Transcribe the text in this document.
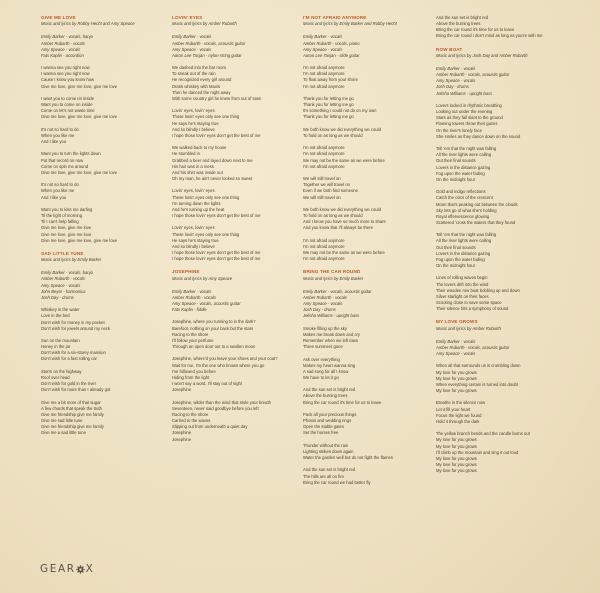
GIVE ME LOVE
Music and lyrics by Robby Hecht and Amy Speace
Emily Barker - vocals, banjo
Amber Rubarth - vocals
Amy Speace - vocals
Fats Kaplin - accordion
I wanna see you right now
I wanna see you right now
Cause I know you know how
Give me love, give me love, give me love
I want you to come on inside
Want you to come on inside
Come on let's not waste time
Give me love, give me love, give me love
It's not so hard to do
When you like me
And I like you
Want you to turn the lights down
Put that record on now
Come on spin me around
Give me love, give me love, give me love
It's not so hard to do
When you like me
And I like you
Want you to kiss me darling
Til the light of morning
Til I can't help falling
Give me love, give me love
Give me love, give me love
Give me love, give me love, give me love
SAD LITTLE TUNE
Music and lyrics by Emily Barker
Emily Barker - vocals, banjo
Amber Rubarth - vocals
Amy Speace - vocals
John Beyer - harmonica
Josh Day - drums
Whiskey in the water
Love in the bed
Don't wish for money in my pocket
Don't wish for jewels around my neck
Sun on the mountain
Honey in the jar
Don't wish for a six-storey mansion
Don't wish for a fast rolling car
Storm on the highway
Roof over head
Don't wish for gold in the river
Don't wish for more than I already got
Give me a bit more of that sugar
A few chords that speak the truth
Give me friendship give me family
Give me sad little tune
Give me friendship give me family
Give me a sad little tune
LOVIN' EYES
Music and lyrics by Amber Rubarth
Emily Barker - vocals
Amber Rubarth - vocals, acoustic guitar
Amy Speace - vocals
Aaron Lee Tasjan - nylon-string guitar
We dashed into the bar room
To sneak out of the rain
He recognized every girl around
Drank whiskey with Mavis
Then he danced the night away
With some country girl he knew from out of town
Lovin' eyes, lovin' eyes
Those lovin' eyes only see one thing
He says he's staying true
And so blindly I believe
I hope those lovin' eyes don't get the best of me
We walked back to my house
He stumbled in
Grabbed a beer and layed down next to me
His hair was in a mess
And his shirt was inside out
Oh my man, he ain't never looked so sweet
Lovin' eyes, lovin' eyes
These lovin' eyes only see one thing
I'm turning down the lights
And he's turning up the heat
I hope those lovin' eyes don't get the best of me
Lovin' eyes, lovin' eyes
These lovin' eyes only see one thing
He says he's staying true
And so blindly I believe
I hope those lovin' eyes don't get the best of me
I hope those lovin' eyes don't get the best of me
JOSEPHINE
Music and lyrics by Amy Speace
Emily Barker - vocals
Amber Rubarth - vocals
Amy Speace - vocals, acoustic guitar
Fats Kaplin - fiddle
Josephine, where you running to in the dark?
Barefoot, nothing on your back but the stars
Racing to the shore
I'll follow your perfume
Through an open door out to a swollen moon
Josephine, where'd you leave your shoes and your coat?
Wait for me, I'm the one who knows where you go
I've followed you before
Hiding from the light
I won't say a word, I'll stay out of sight
Josephine
Josephine, wilder than the wind that stole your breath
Seventeen, never said goodbye before you left
Racing to the shore
Carried to the waves
Slipping out from underneath a quiet day
Josephine
Josephine
I'M NOT AFRAID ANYMORE
Music and lyrics by Emily Barker and Robby Hecht
Emily Barker - vocals
Amber Rubarth - vocals, piano
Amy Speace - vocals
Aaron Lee Tasjan - slide guitar
I'm not afraid anymore
I'm not afraid anymore
To float away from your shore
I'm not afraid anymore
Thank you for letting me go
Thank you for letting me go
It's something I could not do on my own
Thank you for letting me go
We both know we did everything we could
To hold on as long as we should
I'm not afraid anymore
I'm not afraid anymore
We may not be the same as we were before
I'm not afraid anymore
We will still travel on
Together we will travel on
Even if we both find someone
We will still travel on
We both know we did everything we could
To hold on as long as we should
And I know you have so much more to share
And you know that I'll always be there
I'm not afraid anymore
I'm not afraid anymore
We may not be the same as we were before
I'm not afraid anymore
BRING THE CAR ROUND
Music and lyrics by Emily Barker
Emily Barker - vocals, acoustic guitar
Amber Rubarth - vocals
Amy Speace - vocals
Josh Day - drums
Jelisha Williams - upright bass
Smoke filling up the sky
Makes me break down and cry
Remember when we left town
Three summers gone
Ask over everything
Makes my heart wanna sing
A sad song for all I know
We have to let it go
And the sun set is bright red
Above the burning trees
Bring the car round it's time for us to leave
Pack all your precious things
Photos and wedding rings
Open the stable gates
Set the horses free
Thunder without the rain
Lighting strikes down again
Water the garden well but do not fight the flames
And the sun set is bright red
The hills are all on fire
Bring the car round we had better fly
And the sun set is bright red
Above the burning trees
Bring the car round it's time for us to leave
Bring the car round I don't mind as long as you're with me
ROW BOAT
Music and lyrics by Josh Day and Amber Rubarth
Emily Barker - vocals
Amber Rubarth - vocals, acoustic guitar
Amy Speace - vocals
Josh Day - drums
Jelisha Williams - upright bass
Lovers locked in rhythmic breathing
Looking out under the evening
Stars as they fall slant to the ground
Flaming towers throw their gazes
On the river's lonely face
She smiles as they dance down on the sound
Tell 'em that the night was falling
All the river lights were calling
Out their final sounds
Lovers in the distance gazing
Fog upon the water fading
On the midnight hour
Gold and indigo reflections
Catch the color of the crescent
Moon that's peaking out between the clouds
Sky lets go of what she's holding
Royal effervescence glowing
Scattered 'cross the waters that they found
Tell 'em that the night was falling
All the river lights were calling
Out their final sounds
Lovers in the distance gazing
Fog upon the water fading
On the midnight hour
Lines of rolling waves begin
The lovers drift into the wind
Their wooden row boat bobbing up and down
Silver starlight on their faces
Scooting close to save some space
Their silence hits a symphony of sound
MY LOVE GROWS
Music and lyrics by Amber Rubarth
Emily Barker - vocals
Amber Rubarth - vocals, acoustic guitar
Amy Speace - vocals
When all that surrounds us is crumbling down
My love for you grows
My love for you grows
When everything certain is turned into doubt
My love for you grows
Breathe in the silence now
Let it fill your heart
Focus the light we found
Hold it through the dark
The yellow branch bends and the candle burns out
My love for you grows
My love for you grows
I'll climb up the mountain and sing it out loud
My love for you grows
My love for you grows
My love for you grows
GEAR X
